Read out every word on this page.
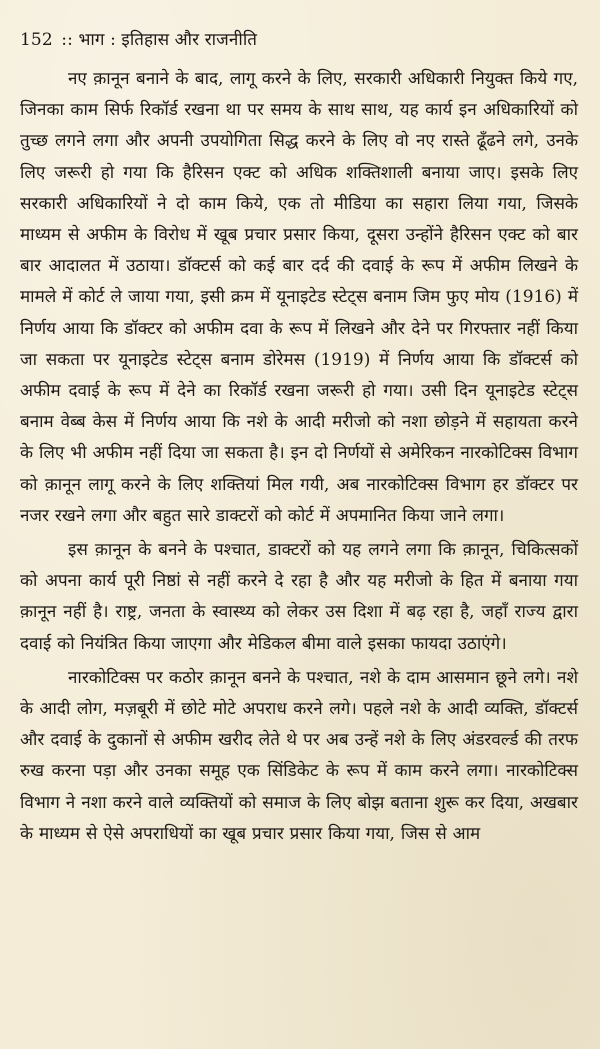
152 :: भाग : इतिहास और राजनीति

नए क़ानून बनाने के बाद, लागू करने के लिए, सरकारी अधिकारी नियुक्त किये गए, जिनका काम सिर्फ रिकॉर्ड रखना था पर समय के साथ साथ, यह कार्य इन अधिकारियों को तुच्छ लगने लगा और अपनी उपयोगिता सिद्ध करने के लिए वो नए रास्ते ढूँढने लगे, उनके लिए जरूरी हो गया कि हैरिसन एक्ट को अधिक शक्तिशाली बनाया जाए। इसके लिए सरकारी अधिकारियों ने दो काम किये, एक तो मीडिया का सहारा लिया गया, जिसके माध्यम से अफीम के विरोध में खूब प्रचार प्रसार किया, दूसरा उन्होंने हैरिसन एक्ट को बार बार आदालत में उठाया। डॉक्टर्स को कई बार दर्द की दवाई के रूप में अफीम लिखने के मामले में कोर्ट ले जाया गया, इसी क्रम में यूनाइटेड स्टेट्स बनाम जिम फुए मोय (1916) में निर्णय आया कि डॉक्टर को अफीम दवा के रूप में लिखने और देने पर गिरफ्तार नहीं किया जा सकता पर यूनाइटेड स्टेट्स बनाम डोरेमस (1919) में निर्णय आया कि डॉक्टर्स को अफीम दवाई के रूप में देने का रिकॉर्ड रखना जरूरी हो गया। उसी दिन यूनाइटेड स्टेट्स बनाम वेब्ब केस में निर्णय आया कि नशे के आदी मरीजो को नशा छोड़ने में सहायता करने के लिए भी अफीम नहीं दिया जा सकता है। इन दो निर्णयों से अमेरिकन नारकोटिक्स विभाग को क़ानून लागू करने के लिए शक्तियां मिल गयी, अब नारकोटिक्स विभाग हर डॉक्टर पर नजर रखने लगा और बहुत सारे डाक्टरों को कोर्ट में अपमानित किया जाने लगा।

इस क़ानून के बनने के पश्चात, डाक्टरों को यह लगने लगा कि क़ानून, चिकित्सकों को अपना कार्य पूरी निष्ठां से नहीं करने दे रहा है और यह मरीजो के हित में बनाया गया क़ानून नहीं है। राष्ट्र, जनता के स्वास्थ्य को लेकर उस दिशा में बढ़ रहा है, जहाँ राज्य द्वारा दवाई को नियंत्रित किया जाएगा और मेडिकल बीमा वाले इसका फायदा उठाएंगे।

नारकोटिक्स पर कठोर क़ानून बनने के पश्चात, नशे के दाम आसमान छूने लगे। नशे के आदी लोग, मज़बूरी में छोटे मोटे अपराध करने लगे। पहले नशे के आदी व्यक्ति, डॉक्टर्स और दवाई के दुकानों से अफीम खरीद लेते थे पर अब उन्हें नशे के लिए अंडरवर्ल्ड की तरफ रुख करना पड़ा और उनका समूह एक सिंडिकेट के रूप में काम करने लगा। नारकोटिक्स विभाग ने नशा करने वाले व्यक्तियों को समाज के लिए बोझ बताना शुरू कर दिया, अखबार के माध्यम से ऐसे अपराधियों का खूब प्रचार प्रसार किया गया, जिस से आम
